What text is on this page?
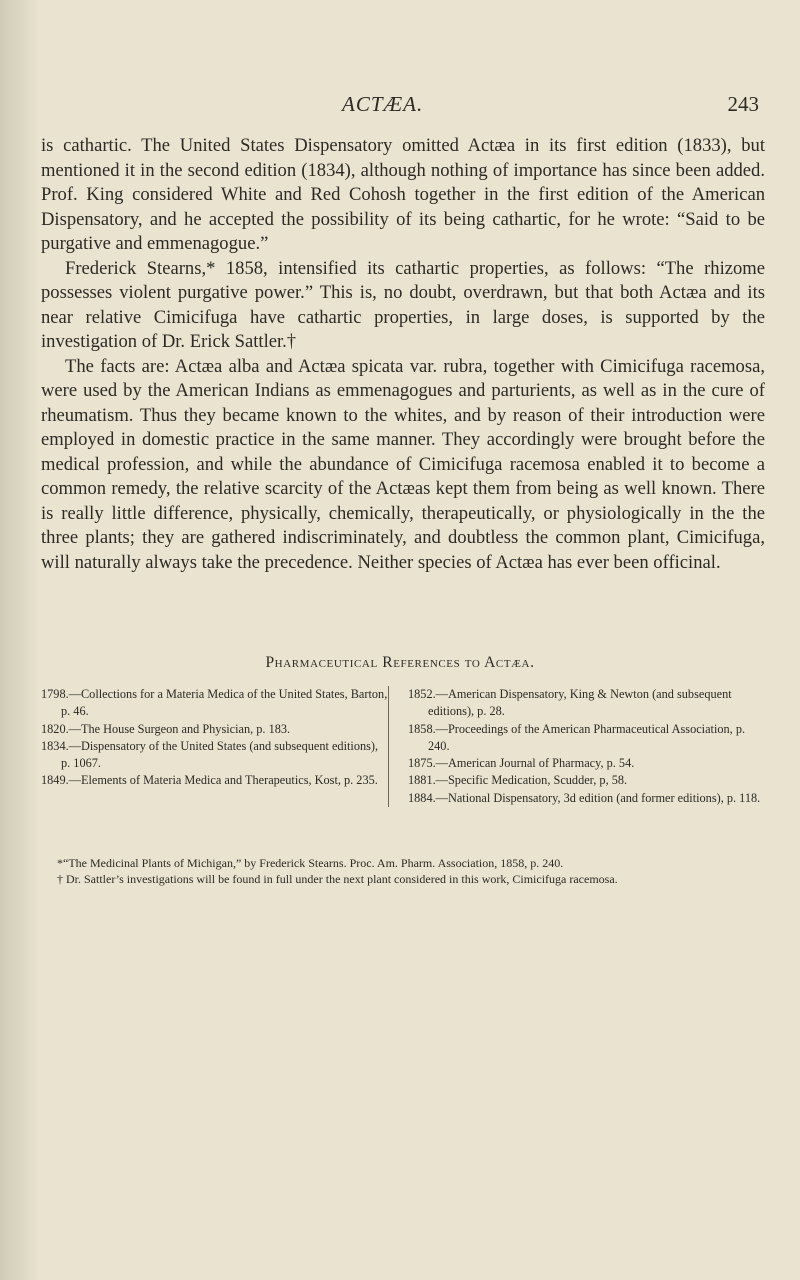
ACTÆA.	243

is cathartic. The United States Dispensatory omitted Actæa in its first edition (1833), but mentioned it in the second edition (1834), although nothing of importance has since been added. Prof. King considered White and Red Cohosh together in the first edition of the American Dispensatory, and he accepted the possibility of its being cathartic, for he wrote: “Said to be purgative and emmenagogue.”

Frederick Stearns,* 1858, intensified its cathartic properties, as follows: “The rhizome possesses violent purgative power.” This is, no doubt, overdrawn, but that both Actæa and its near relative Cimicifuga have cathartic properties, in large doses, is supported by the investigation of Dr. Erick Sattler.†

The facts are: Actæa alba and Actæa spicata var. rubra, together with Cimicifuga racemosa, were used by the American Indians as emmenagogues and parturients, as well as in the cure of rheumatism. Thus they became known to the whites, and by reason of their introduction were employed in domestic practice in the same manner. They accordingly were brought before the medical profession, and while the abundance of Cimicifuga racemosa enabled it to become a common remedy, the relative scarcity of the Actæas kept them from being as well known. There is really little difference, physically, chemically, therapeutically, or physiologically in the the three plants; they are gathered indiscriminately, and doubtless the common plant, Cimicifuga, will naturally always take the precedence. Neither species of Actæa has ever been officinal.

Pharmaceutical References to Actæa.
1798.—Collections for a Materia Medica of the United States, Barton, p. 46.
1820.—The House Surgeon and Physician, p. 183.
1834.—Dispensatory of the United States (and subsequent editions), p. 1067.
1849.—Elements of Materia Medica and Therapeutics, Kost, p. 235.
1852.—American Dispensatory, King & Newton (and subsequent editions), p. 28.
1858.—Proceedings of the American Pharmaceutical Association, p. 240.
1875.—American Journal of Pharmacy, p. 54.
1881.—Specific Medication, Scudder, p, 58.
1884.—National Dispensatory, 3d edition (and former editions), p. 118.
*“The Medicinal Plants of Michigan,” by Frederick Stearns. Proc. Am. Pharm. Association, 1858, p. 240.
† Dr. Sattler’s investigations will be found in full under the next plant considered in this work, Cimicifuga racemosa.
